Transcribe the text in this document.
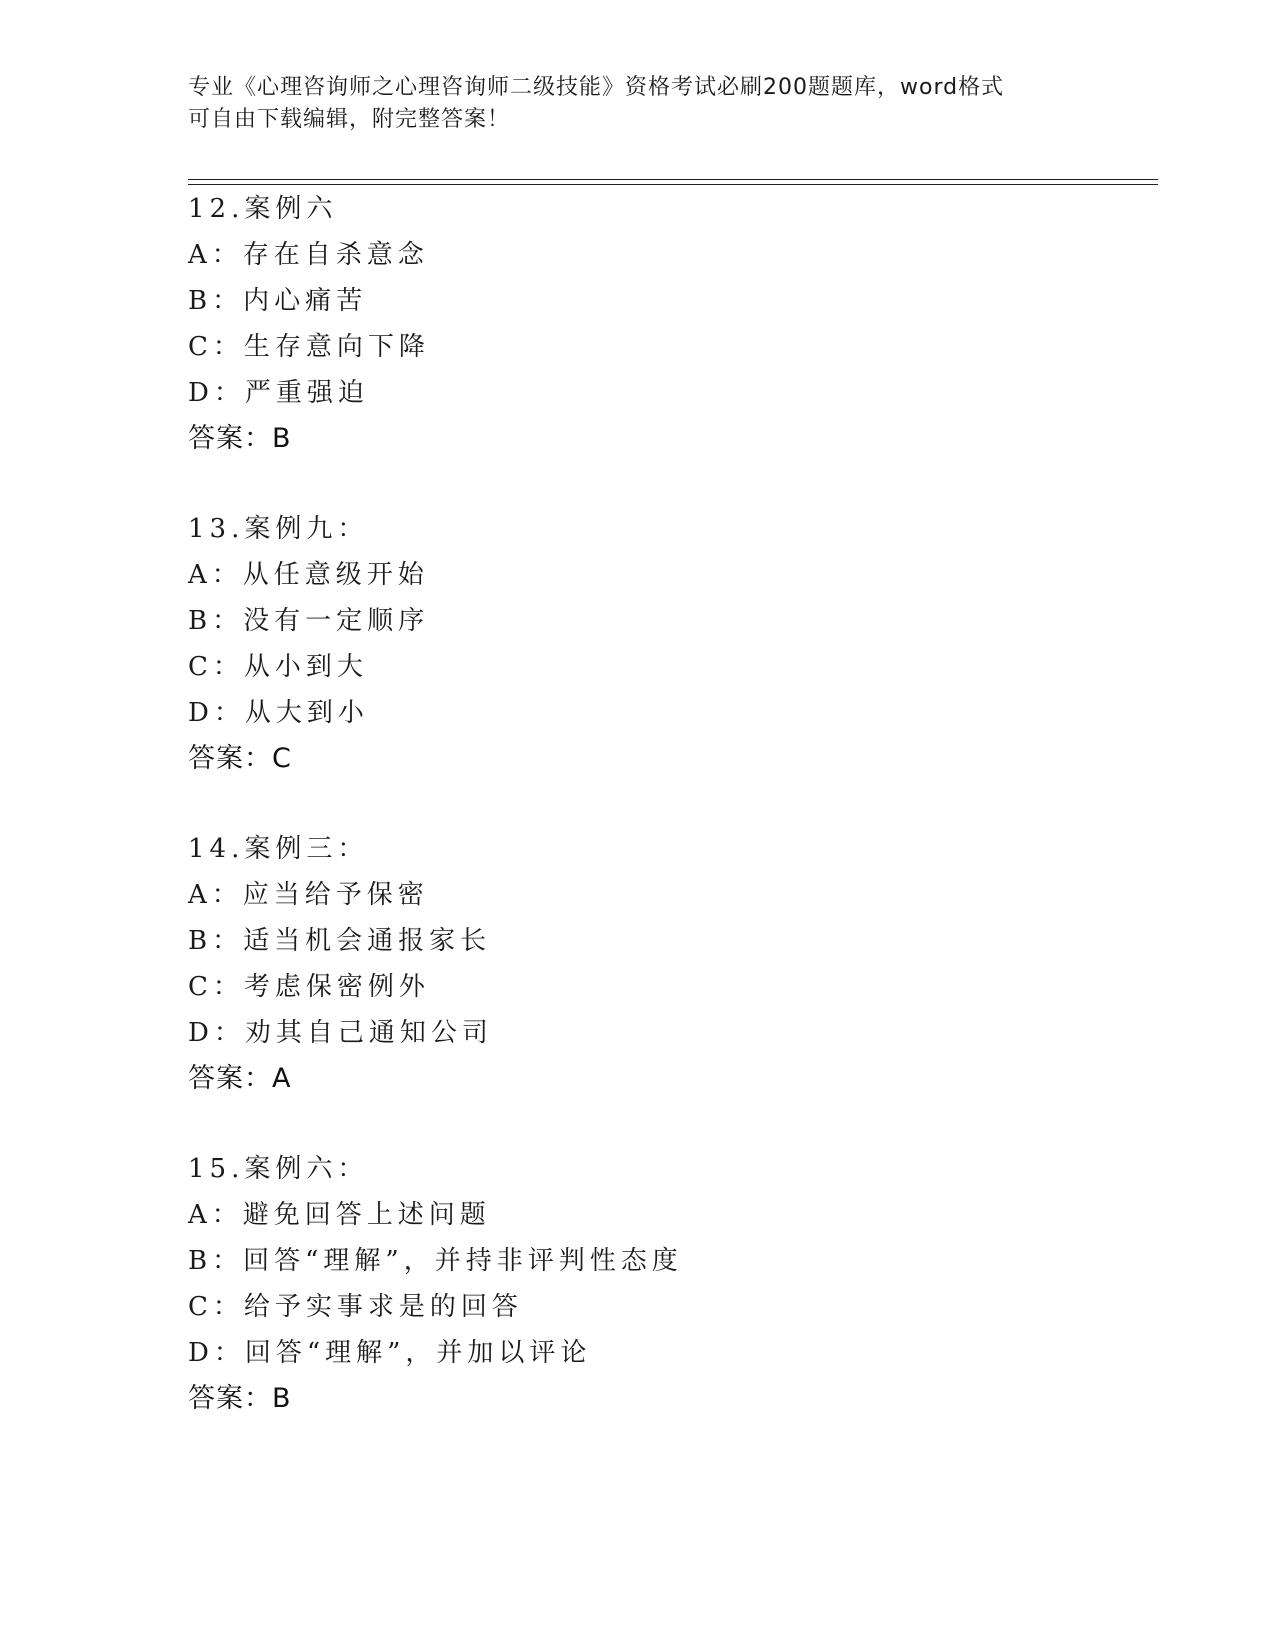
专业《心理咨询师之心理咨询师二级技能》资格考试必刷200题题库，word格式
可自由下载编辑，附完整答案！
12.案例六
A：存在自杀意念
B：内心痛苦
C：生存意向下降
D：严重强迫
答案：B
13.案例九：
A：从任意级开始
B：没有一定顺序
C：从小到大
D：从大到小
答案：C
14.案例三：
A：应当给予保密
B：适当机会通报家长
C：考虑保密例外
D：劝其自己通知公司
答案：A
15.案例六：
A：避免回答上述问题
B：回答“理解”，并持非评判性态度
C：给予实事求是的回答
D：回答“理解”，并加以评论
答案：B
